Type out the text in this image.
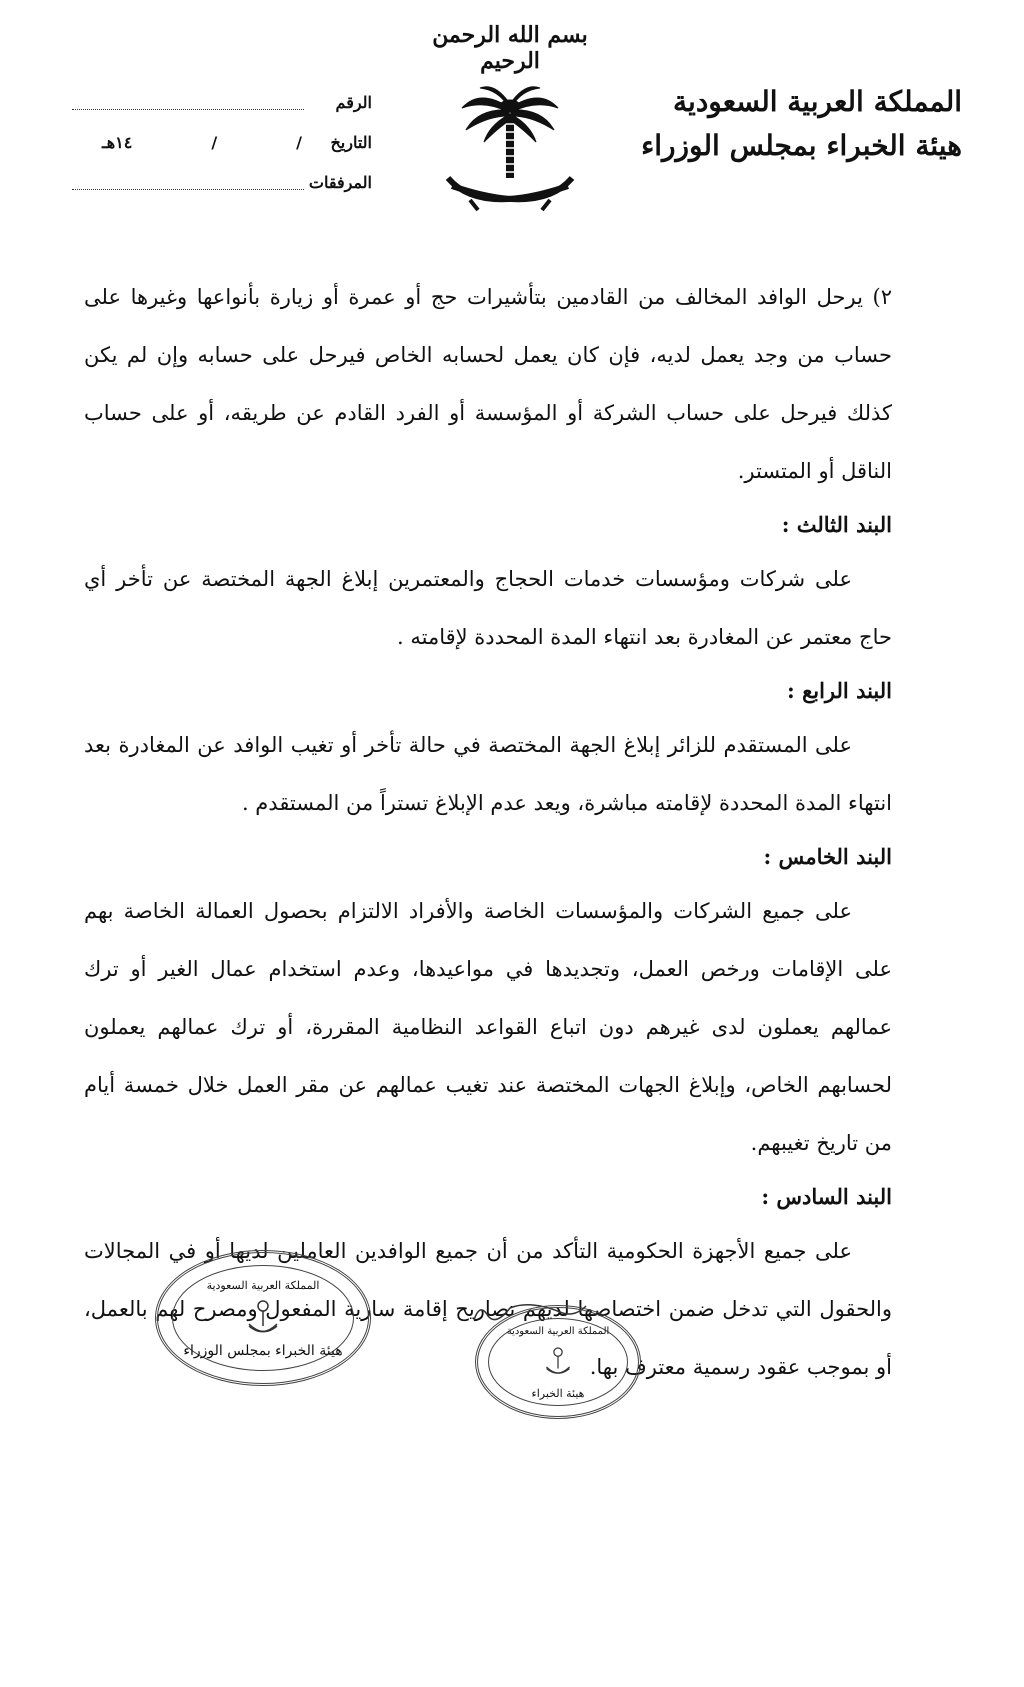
بسم الله الرحمن الرحيم
المملكة العربية السعودية
هيئة الخبراء بمجلس الوزراء
الرقم
التاريخ
/
/
١٤هـ
المرفقات

٢) يرحل الوافد المخالف من القادمين بتأشيرات حج أو عمرة أو زيارة بأنواعها وغيرها على حساب من وجد يعمل لديه، فإن كان يعمل لحسابه الخاص فيرحل على حسابه وإن لم يكن كذلك فيرحل على حساب الشركة أو المؤسسة أو الفرد القادم عن طريقه، أو على حساب الناقل أو المتستر.

البند الثالث :

على شركات ومؤسسات خدمات الحجاج والمعتمرين إبلاغ الجهة المختصة عن تأخر أي حاج معتمر عن المغادرة بعد انتهاء المدة المحددة لإقامته .

البند الرابع :

على المستقدم للزائر إبلاغ الجهة المختصة في حالة تأخر أو تغيب الوافد عن المغادرة بعد انتهاء المدة المحددة لإقامته مباشرة، ويعد عدم الإبلاغ تستراً من المستقدم .

البند الخامس :

على جميع الشركات والمؤسسات الخاصة والأفراد الالتزام بحصول العمالة الخاصة بهم على الإقامات ورخص العمل، وتجديدها في مواعيدها، وعدم استخدام عمال الغير أو ترك عمالهم يعملون لدى غيرهم دون اتباع القواعد النظامية المقررة، أو ترك عمالهم يعملون لحسابهم الخاص، وإبلاغ الجهات المختصة عند تغيب عمالهم عن مقر العمل خلال خمسة أيام من تاريخ تغيبهم.

البند السادس :

على جميع الأجهزة الحكومية التأكد من أن جميع الوافدين العاملين لديها أو في المجالات والحقول التي تدخل ضمن اختصاصها لديهم تصاريح إقامة سارية المفعول ومصرح لهم بالعمل، أو بموجب عقود رسمية معترف بها.

المملكة العربية السعودية
هيئة الخبراء بمجلس الوزراء
المملكة العربية السعودية
هيئة الخبراء
